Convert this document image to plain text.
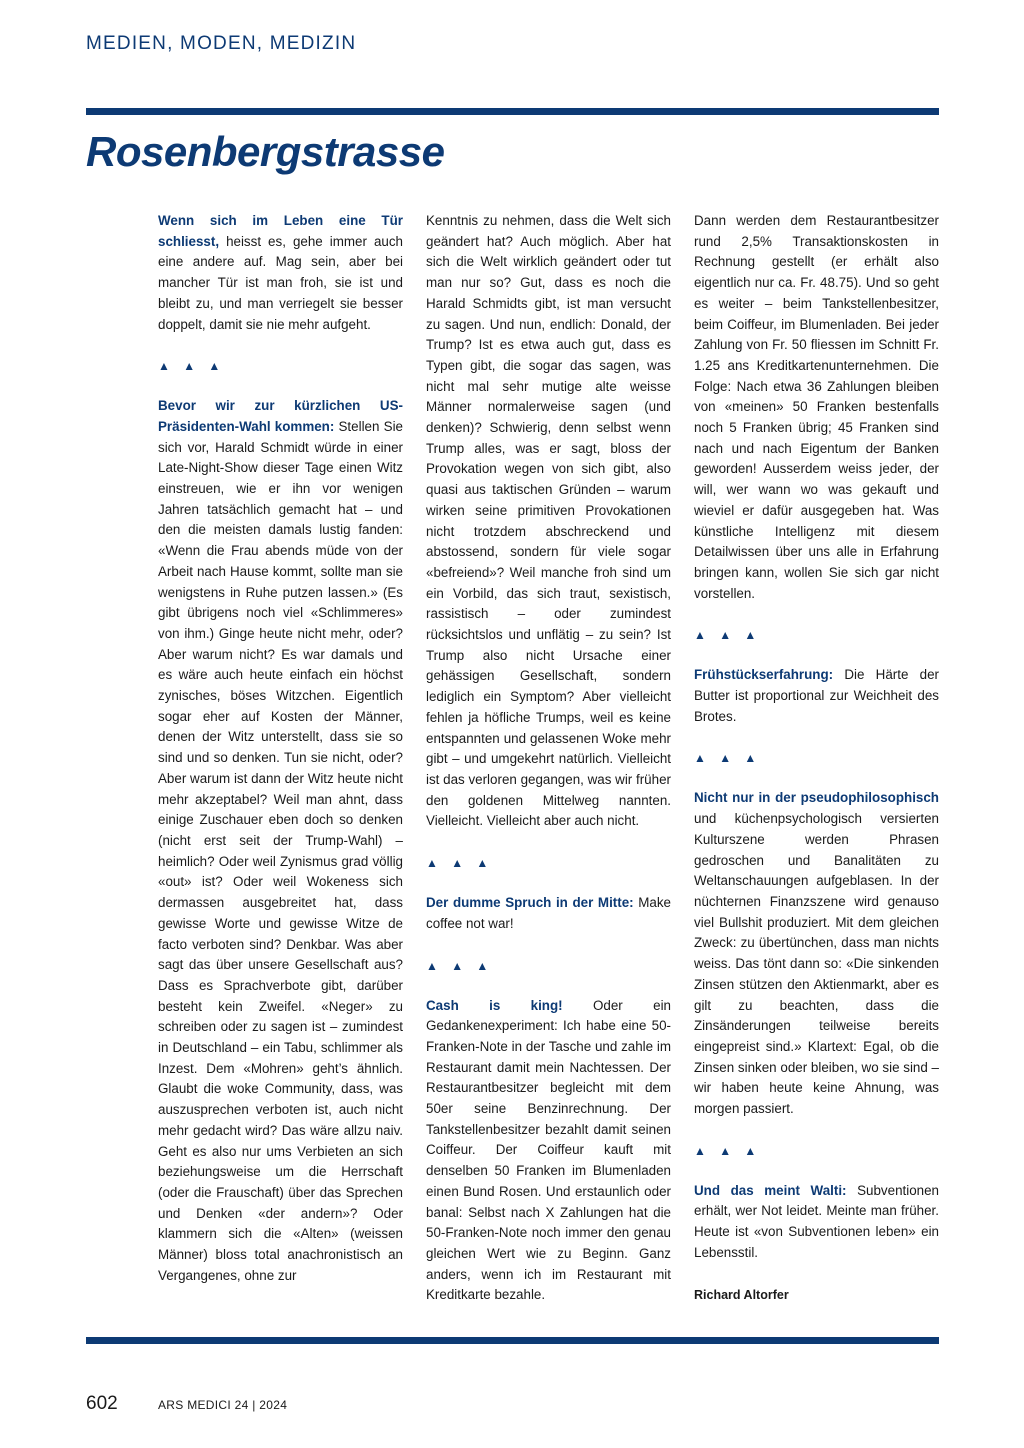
MEDIEN, MODEN, MEDIZIN
Rosenbergstrasse

Wenn sich im Leben eine Tür schliesst, heisst es, gehe immer auch eine andere auf. Mag sein, aber bei mancher Tür ist man froh, sie ist und bleibt zu, und man verriegelt sie besser doppelt, damit sie nie mehr aufgeht.

▲ ▲ ▲

Bevor wir zur kürzlichen US-Präsidenten-Wahl kommen: Stellen Sie sich vor, Harald Schmidt würde in einer Late-Night-Show dieser Tage einen Witz einstreuen, wie er ihn vor wenigen Jahren tatsächlich gemacht hat – und den die meisten damals lustig fanden: «Wenn die Frau abends müde von der Arbeit nach Hause kommt, sollte man sie wenigstens in Ruhe putzen lassen.» (Es gibt übrigens noch viel «Schlimmeres» von ihm.) Ginge heute nicht mehr, oder? Aber warum nicht? Es war damals und es wäre auch heute einfach ein höchst zynisches, böses Witzchen. Eigentlich sogar eher auf Kosten der Männer, denen der Witz unterstellt, dass sie so sind und so denken. Tun sie nicht, oder? Aber warum ist dann der Witz heute nicht mehr akzeptabel? Weil man ahnt, dass einige Zuschauer eben doch so denken (nicht erst seit der Trump-Wahl) – heimlich? Oder weil Zynismus grad völlig «out» ist? Oder weil Wokeness sich dermassen ausgebreitet hat, dass gewisse Worte und gewisse Witze de facto verboten sind? Denkbar. Was aber sagt das über unsere Gesellschaft aus? Dass es Sprachverbote gibt, darüber besteht kein Zweifel. «Neger» zu schreiben oder zu sagen ist – zumindest in Deutschland – ein Tabu, schlimmer als Inzest. Dem «Mohren» geht’s ähnlich. Glaubt die woke Community, dass, was auszusprechen verboten ist, auch nicht mehr gedacht wird? Das wäre allzu naiv. Geht es also nur ums Verbieten an sich beziehungsweise um die Herrschaft (oder die Frauschaft) über das Sprechen und Denken «der andern»? Oder klammern sich die «Alten» (weissen Männer) bloss total anachronistisch an Vergangenes, ohne zur

Kenntnis zu nehmen, dass die Welt sich geändert hat? Auch möglich. Aber hat sich die Welt wirklich geändert oder tut man nur so? Gut, dass es noch die Harald Schmidts gibt, ist man versucht zu sagen. Und nun, endlich: Donald, der Trump? Ist es etwa auch gut, dass es Typen gibt, die sogar das sagen, was nicht mal sehr mutige alte weisse Männer normalerweise sagen (und denken)? Schwierig, denn selbst wenn Trump alles, was er sagt, bloss der Provokation wegen von sich gibt, also quasi aus taktischen Gründen – warum wirken seine primitiven Provokationen nicht trotzdem abschreckend und abstossend, sondern für viele sogar «befreiend»? Weil manche froh sind um ein Vorbild, das sich traut, sexistisch, rassistisch – oder zumindest rücksichtslos und unflätig – zu sein? Ist Trump also nicht Ursache einer gehässigen Gesellschaft, sondern lediglich ein Symptom? Aber vielleicht fehlen ja höfliche Trumps, weil es keine entspannten und gelassenen Woke mehr gibt – und umgekehrt natürlich. Vielleicht ist das verloren gegangen, was wir früher den goldenen Mittelweg nannten. Vielleicht. Vielleicht aber auch nicht.

▲ ▲ ▲

Der dumme Spruch in der Mitte: Make coffee not war!

▲ ▲ ▲

Cash is king! Oder ein Gedankenexperiment: Ich habe eine 50-Franken-Note in der Tasche und zahle im Restaurant damit mein Nachtessen. Der Restaurantbesitzer begleicht mit dem 50er seine Benzinrechnung. Der Tankstellenbesitzer bezahlt damit seinen Coiffeur. Der Coiffeur kauft mit denselben 50 Franken im Blumenladen einen Bund Rosen. Und erstaunlich oder banal: Selbst nach X Zahlungen hat die 50-Franken-Note noch immer den genau gleichen Wert wie zu Beginn. Ganz anders, wenn ich im Restaurant mit Kreditkarte bezahle.

Dann werden dem Restaurantbesitzer rund 2,5% Transaktionskosten in Rechnung gestellt (er erhält also eigentlich nur ca. Fr. 48.75). Und so geht es weiter – beim Tankstellenbesitzer, beim Coiffeur, im Blumenladen. Bei jeder Zahlung von Fr. 50 fliessen im Schnitt Fr. 1.25 ans Kreditkartenunternehmen. Die Folge: Nach etwa 36 Zahlungen bleiben von «meinen» 50 Franken bestenfalls noch 5 Franken übrig; 45 Franken sind nach und nach Eigentum der Banken geworden! Ausserdem weiss jeder, der will, wer wann wo was gekauft und wieviel er dafür ausgegeben hat. Was künstliche Intelligenz mit diesem Detailwissen über uns alle in Erfahrung bringen kann, wollen Sie sich gar nicht vorstellen.

▲ ▲ ▲

Frühstückserfahrung: Die Härte der Butter ist proportional zur Weichheit des Brotes.

▲ ▲ ▲

Nicht nur in der pseudophilosophisch und küchenpsychologisch versierten Kulturszene werden Phrasen gedroschen und Banalitäten zu Weltanschauungen aufgeblasen. In der nüchternen Finanzszene wird genauso viel Bullshit produziert. Mit dem gleichen Zweck: zu übertünchen, dass man nichts weiss. Das tönt dann so: «Die sinkenden Zinsen stützen den Aktienmarkt, aber es gilt zu beachten, dass die Zinsänderungen teilweise bereits eingepreist sind.» Klartext: Egal, ob die Zinsen sinken oder bleiben, wo sie sind – wir haben heute keine Ahnung, was morgen passiert.

▲ ▲ ▲

Und das meint Walti: Subventionen erhält, wer Not leidet. Meinte man früher. Heute ist «von Subventionen leben» ein Lebensstil.

Richard Altorfer

602	ARS MEDICI 24 | 2024
